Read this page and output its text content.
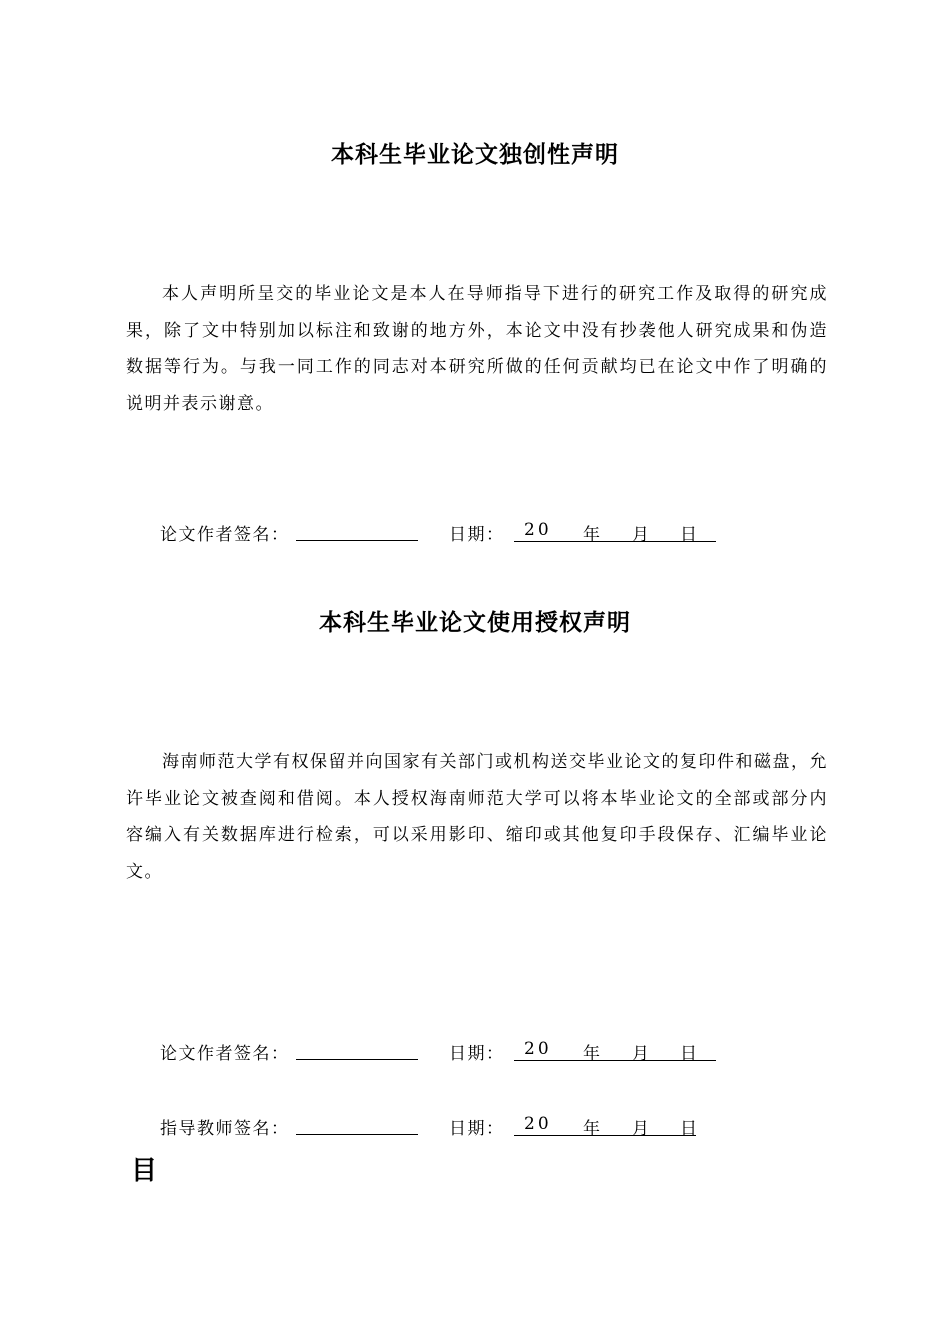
本科生毕业论文独创性声明

本人声明所呈交的毕业论文是本人在导师指导下进行的研究工作及取得的研究成果，除了文中特别加以标注和致谢的地方外，本论文中没有抄袭他人研究成果和伪造数据等行为。与我一同工作的同志对本研究所做的任何贡献均已在论文中作了明确的说明并表示谢意。

论文作者签名：	日期： 20 年 月 日
本科生毕业论文使用授权声明

海南师范大学有权保留并向国家有关部门或机构送交毕业论文的复印件和磁盘，允许毕业论文被查阅和借阅。本人授权海南师范大学可以将本毕业论文的全部或部分内容编入有关数据库进行检索，可以采用影印、缩印或其他复印手段保存、汇编毕业论文。

论文作者签名：	日期： 20 年 月 日
指导教师签名：	日期： 20 年 月 日
目
